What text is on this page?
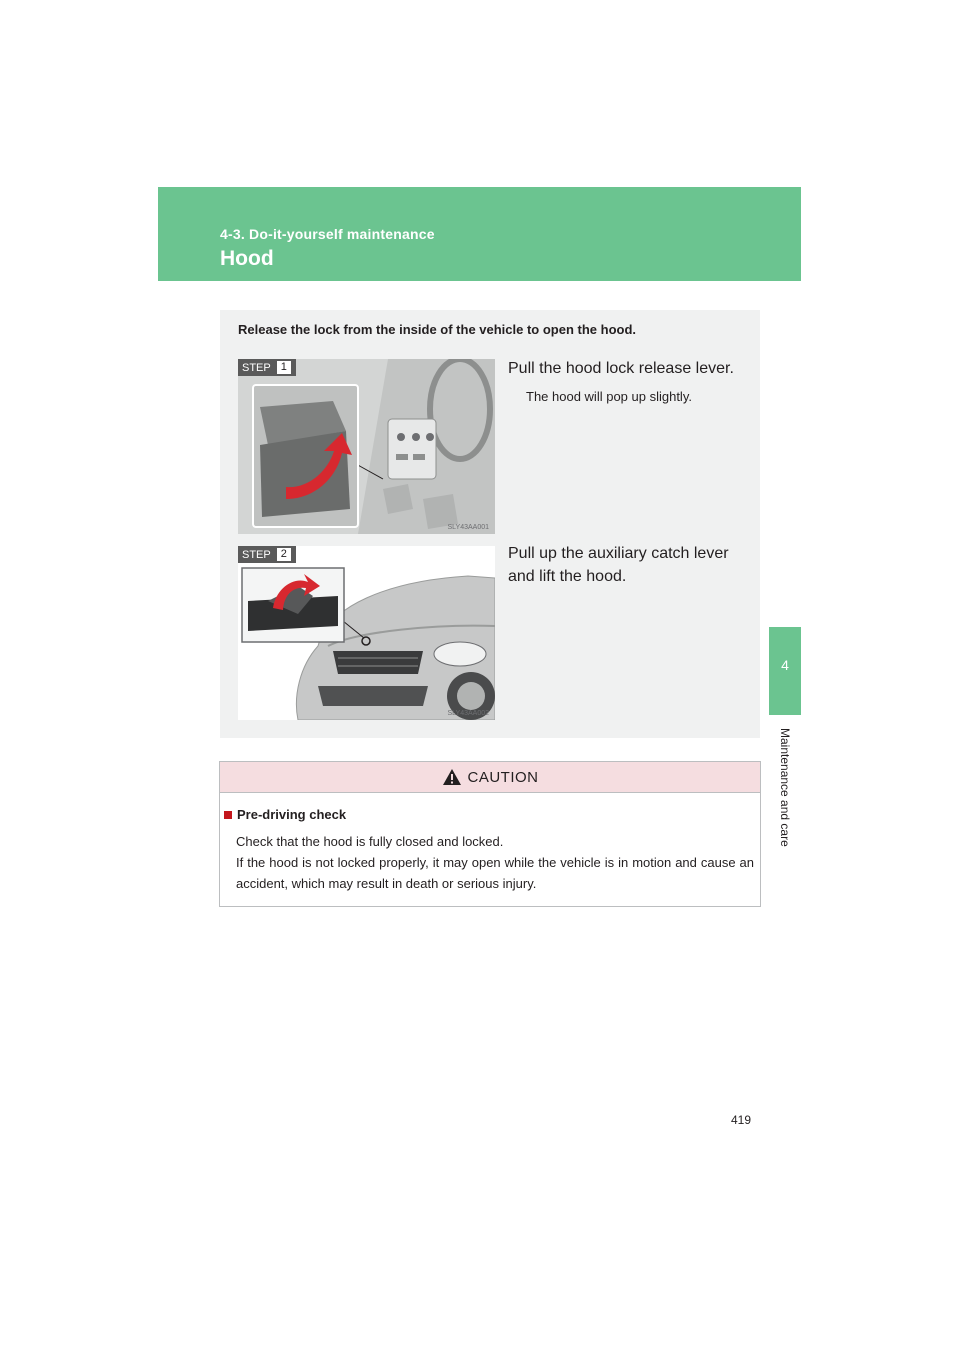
4-3. Do-it-yourself maintenance
Hood
4
Maintenance and care
Release the lock from the inside of the vehicle to open the hood.
STEP 1
SLY43AA001
Pull the hood lock release lever.
The hood will pop up slightly.
STEP 2
SLY43AA002
Pull up the auxiliary catch lever and lift the hood.
CAUTION
Pre-driving check

Check that the hood is fully closed and locked.

If the hood is not locked properly, it may open while the vehicle is in motion and cause an accident, which may result in death or serious injury.

419
